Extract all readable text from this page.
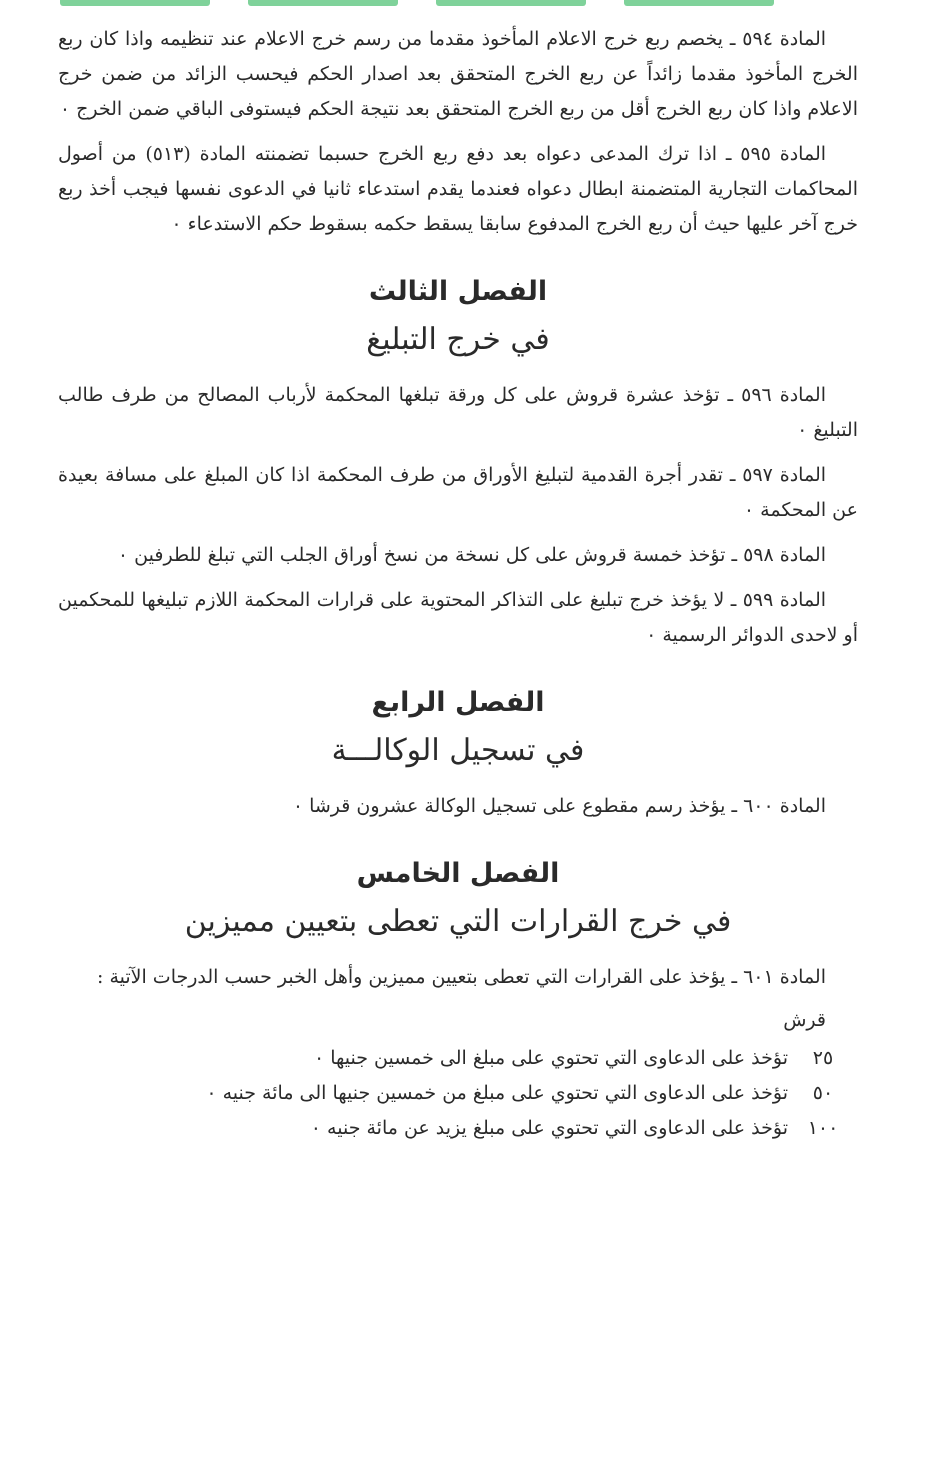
المادة ٥٩٤ ـ يخصم ربع خرج الاعلام المأخوذ مقدما من رسم خرج الاعلام عند تنظيمه واذا كان ربع الخرج المأخوذ مقدما زائداً عن ربع الخرج المتحقق بعد اصدار الحكم فيحسب الزائد من ضمن خرج الاعلام واذا كان ربع الخرج أقل من ربع الخرج المتحقق بعد نتيجة الحكم فيستوفى الباقي ضمن الخرج ٠

المادة ٥٩٥ ـ اذا ترك المدعى دعواه بعد دفع ربع الخرج حسبما تضمنته المادة (٥١٣) من أصول المحاكمات التجارية المتضمنة ابطال دعواه فعندما يقدم استدعاء ثانيا في الدعوى نفسها فيجب أخذ ربع خرج آخر عليها حيث أن ربع الخرج المدفوع سابقا يسقط حكمه بسقوط حكم الاستدعاء ٠

الفصل الثالث
في خرج التبليغ

المادة ٥٩٦ ـ تؤخذ عشرة قروش على كل ورقة تبلغها المحكمة لأرباب المصالح من طرف طالب التبليغ ٠

المادة ٥٩٧ ـ تقدر أجرة القدمية لتبليغ الأوراق من طرف المحكمة اذا كان المبلغ على مسافة بعيدة عن المحكمة ٠

المادة ٥٩٨ ـ تؤخذ خمسة قروش على كل نسخة من نسخ أوراق الجلب التي تبلغ للطرفين ٠

المادة ٥٩٩ ـ لا يؤخذ خرج تبليغ على التذاكر المحتوية على قرارات المحكمة اللازم تبليغها للمحكمين أو لاحدى الدوائر الرسمية ٠

الفصل الرابع
في تسجيل الوكالـــة

المادة ٦٠٠ ـ يؤخذ رسم مقطوع على تسجيل الوكالة عشرون قرشا ٠

الفصل الخامس
في خرج القرارات التي تعطى بتعيين مميزين

المادة ٦٠١ ـ يؤخذ على القرارات التي تعطى بتعيين مميزين وأهل الخبر حسب الدرجات الآتية :

قرش
٢٥
تؤخذ على الدعاوى التي تحتوي على مبلغ الى خمسين جنيها ٠
٥٠
تؤخذ على الدعاوى التي تحتوي على مبلغ من خمسين جنيها الى مائة جنيه ٠
١٠٠
تؤخذ على الدعاوى التي تحتوي على مبلغ يزيد عن مائة جنيه ٠
